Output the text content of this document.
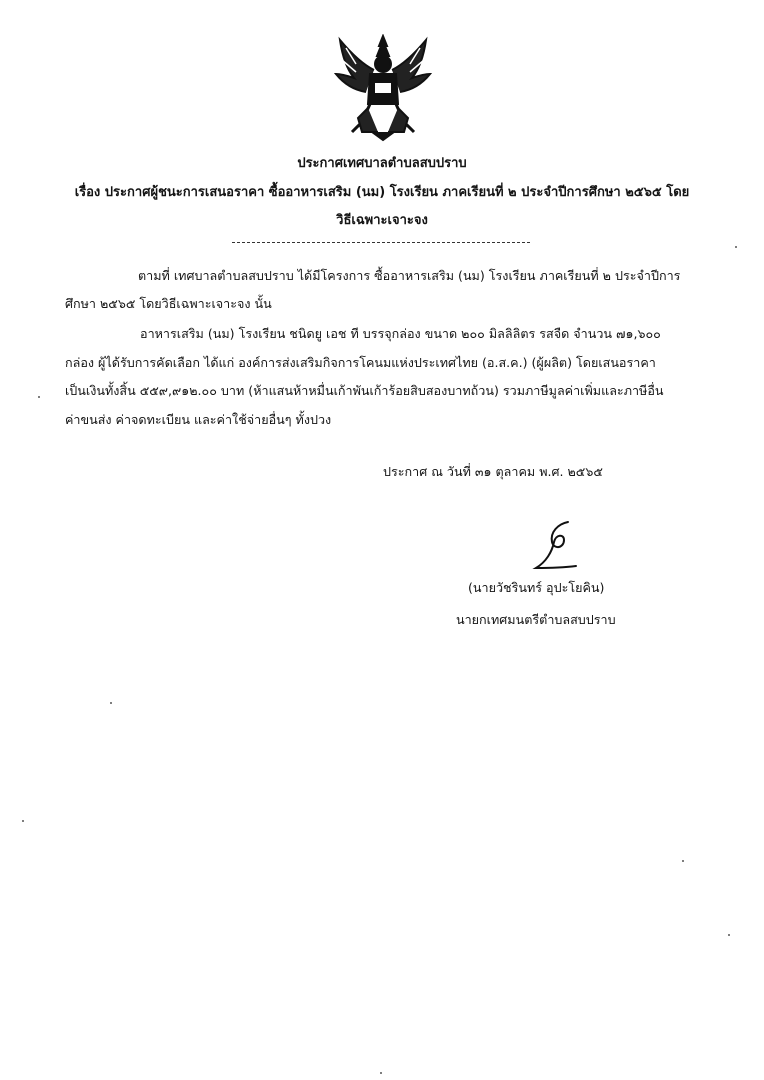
ประกาศเทศบาลตำบลสบปราบ
เรื่อง ประกาศผู้ชนะการเสนอราคา ซื้ออาหารเสริม (นม) โรงเรียน ภาคเรียนที่ ๒ ประจำปีการศึกษา ๒๕๖๕ โดย
วิธีเฉพาะเจาะจง
ตามที่ เทศบาลตำบลสบปราบ ได้มีโครงการ ซื้ออาหารเสริม (นม) โรงเรียน ภาคเรียนที่ ๒ ประจำปีการ
ศึกษา ๒๕๖๕ โดยวิธีเฉพาะเจาะจง นั้น
อาหารเสริม (นม) โรงเรียน ชนิดยู เอช ที บรรจุกล่อง ขนาด ๒๐๐ มิลลิลิตร รสจืด จำนวน ๗๑,๖๐๐
กล่อง ผู้ได้รับการคัดเลือก ได้แก่ องค์การส่งเสริมกิจการโคนมแห่งประเทศไทย (อ.ส.ค.) (ผู้ผลิต) โดยเสนอราคา
เป็นเงินทั้งสิ้น ๕๕๙,๙๑๒.๐๐ บาท (ห้าแสนห้าหมื่นเก้าพันเก้าร้อยสิบสองบาทถ้วน) รวมภาษีมูลค่าเพิ่มและภาษีอื่น
ค่าขนส่ง ค่าจดทะเบียน และค่าใช้จ่ายอื่นๆ ทั้งปวง
ประกาศ ณ วันที่ ๓๑ ตุลาคม พ.ศ. ๒๕๖๕
(นายวัชรินทร์ อุปะโยคิน)
นายกเทศมนตรีตำบลสบปราบ
